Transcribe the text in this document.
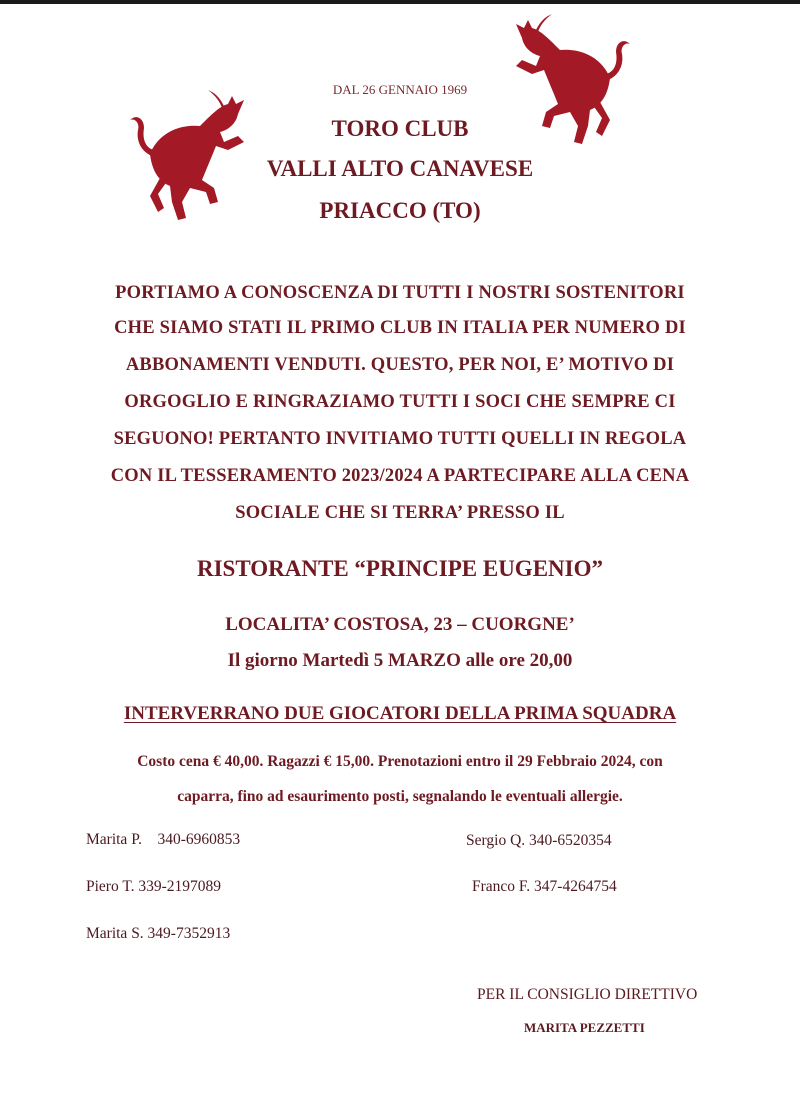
DAL 26 GENNAIO 1969
TORO CLUB
VALLI ALTO CANAVESE
PRIACCO (TO)
PORTIAMO A CONOSCENZA DI TUTTI I NOSTRI SOSTENITORI
CHE SIAMO STATI IL PRIMO CLUB IN ITALIA PER NUMERO DI
ABBONAMENTI VENDUTI. QUESTO, PER NOI, E’ MOTIVO DI
ORGOGLIO E RINGRAZIAMO TUTTI I SOCI CHE SEMPRE CI
SEGUONO! PERTANTO INVITIAMO TUTTI QUELLI IN REGOLA
CON IL TESSERAMENTO 2023/2024 A PARTECIPARE ALLA CENA
SOCIALE CHE SI TERRA’ PRESSO IL
RISTORANTE “PRINCIPE EUGENIO”
LOCALITA’ COSTOSA, 23 – CUORGNE’
Il giorno Martedì 5 MARZO alle ore 20,00
INTERVERRANO DUE GIOCATORI DELLA PRIMA SQUADRA
Costo cena € 40,00. Ragazzi € 15,00. Prenotazioni entro il 29 Febbraio 2024, con
caparra, fino ad esaurimento posti, segnalando le eventuali allergie.
Marita P.    340-6960853
Piero T. 339-2197089
Marita S. 349-7352913
Sergio Q. 340-6520354
Franco F. 347-4264754
PER IL CONSIGLIO DIRETTIVO
MARITA PEZZETTI
